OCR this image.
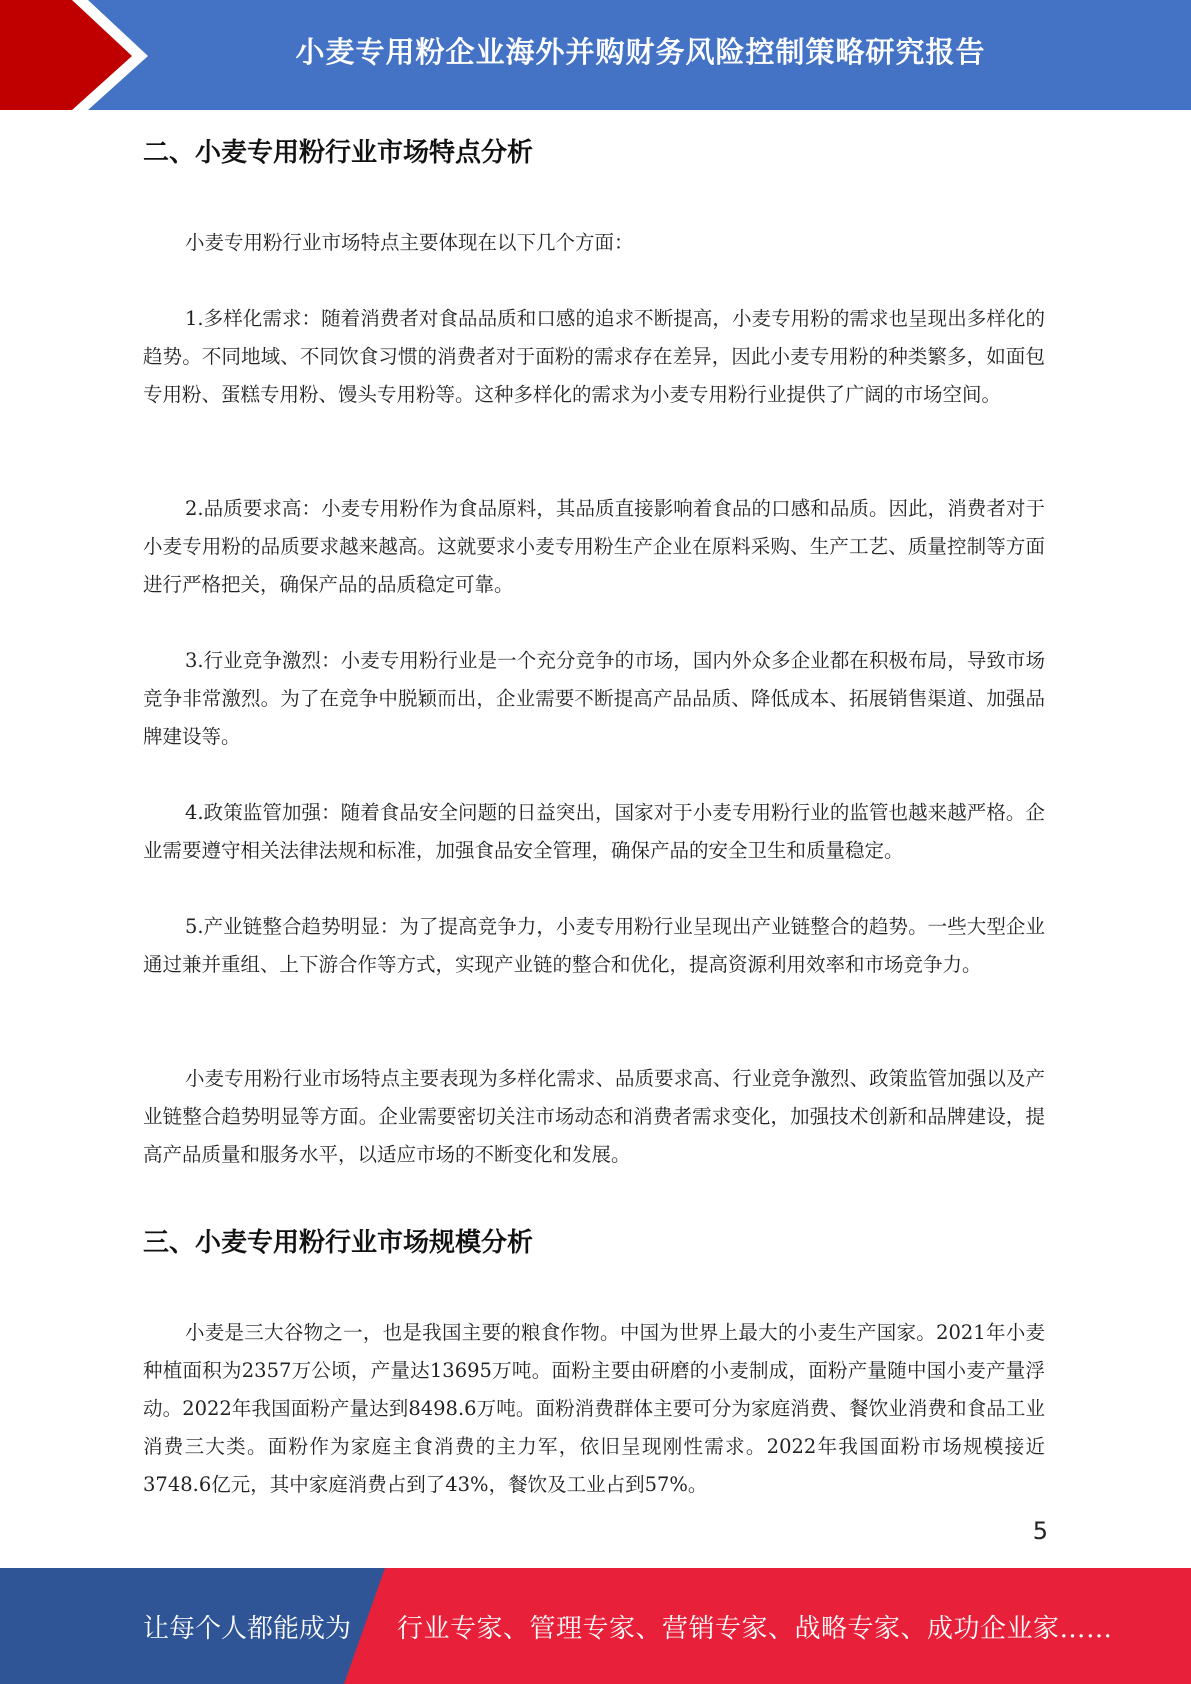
小麦专用粉企业海外并购财务风险控制策略研究报告
二、小麦专用粉行业市场特点分析

小麦专用粉行业市场特点主要体现在以下几个方面：

1.多样化需求：随着消费者对食品品质和口感的追求不断提高，小麦专用粉的需求也呈现出多样化的趋势。不同地域、不同饮食习惯的消费者对于面粉的需求存在差异，因此小麦专用粉的种类繁多，如面包专用粉、蛋糕专用粉、馒头专用粉等。这种多样化的需求为小麦专用粉行业提供了广阔的市场空间。

2.品质要求高：小麦专用粉作为食品原料，其品质直接影响着食品的口感和品质。因此，消费者对于小麦专用粉的品质要求越来越高。这就要求小麦专用粉生产企业在原料采购、生产工艺、质量控制等方面进行严格把关，确保产品的品质稳定可靠。

3.行业竞争激烈：小麦专用粉行业是一个充分竞争的市场，国内外众多企业都在积极布局，导致市场竞争非常激烈。为了在竞争中脱颖而出，企业需要不断提高产品品质、降低成本、拓展销售渠道、加强品牌建设等。

4.政策监管加强：随着食品安全问题的日益突出，国家对于小麦专用粉行业的监管也越来越严格。企业需要遵守相关法律法规和标准，加强食品安全管理，确保产品的安全卫生和质量稳定。

5.产业链整合趋势明显：为了提高竞争力，小麦专用粉行业呈现出产业链整合的趋势。一些大型企业通过兼并重组、上下游合作等方式，实现产业链的整合和优化，提高资源利用效率和市场竞争力。

小麦专用粉行业市场特点主要表现为多样化需求、品质要求高、行业竞争激烈、政策监管加强以及产业链整合趋势明显等方面。企业需要密切关注市场动态和消费者需求变化，加强技术创新和品牌建设，提高产品质量和服务水平，以适应市场的不断变化和发展。

三、小麦专用粉行业市场规模分析

小麦是三大谷物之一，也是我国主要的粮食作物。中国为世界上最大的小麦生产国家。2021年小麦种植面积为2357万公顷，产量达13695万吨。面粉主要由研磨的小麦制成，面粉产量随中国小麦产量浮动。2022年我国面粉产量达到8498.6万吨。面粉消费群体主要可分为家庭消费、餐饮业消费和食品工业消费三大类。面粉作为家庭主食消费的主力军，依旧呈现刚性需求。2022年我国面粉市场规模接近3748.6亿元，其中家庭消费占到了43%，餐饮及工业占到57%。

5
让每个人都能成为 行业专家、管理专家、营销专家、战略专家、成功企业家……
